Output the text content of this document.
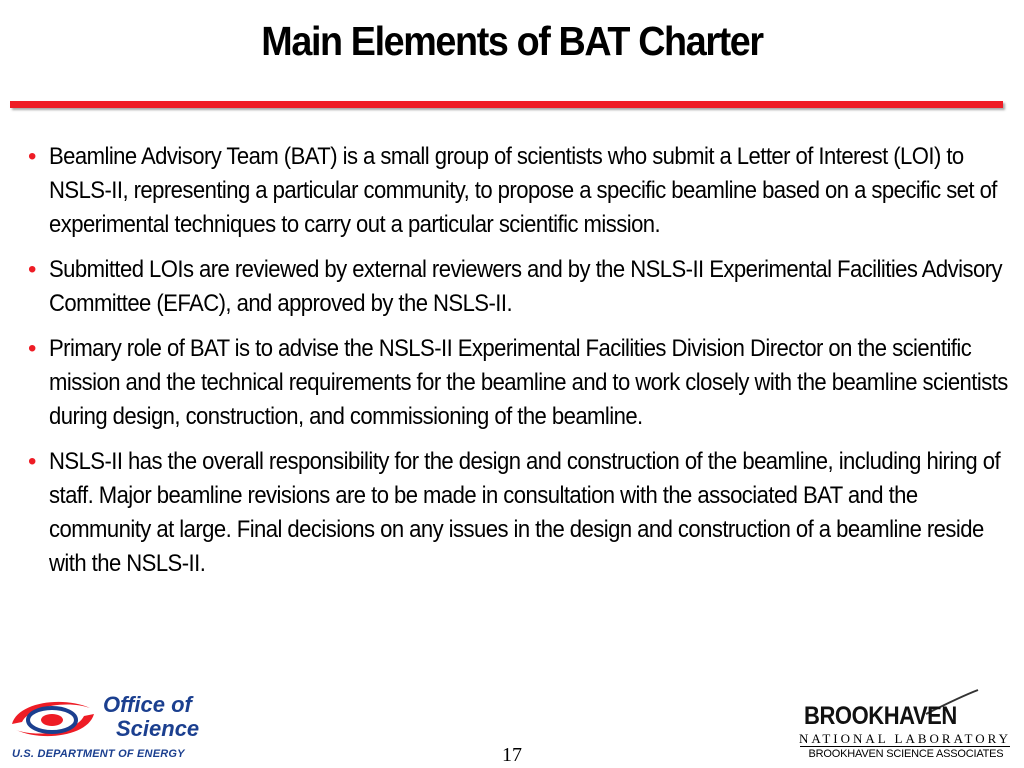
Main Elements of BAT Charter
• Beamline Advisory Team (BAT) is a small group of scientists who submit a Letter of Interest (LOI) to NSLS-II, representing a particular community, to propose a specific beamline based on a specific set of experimental techniques to carry out a particular scientific mission.
• Submitted LOIs are reviewed by external reviewers and by the NSLS-II Experimental Facilities Advisory Committee (EFAC), and approved by the NSLS-II.
• Primary role of BAT is to advise the NSLS-II Experimental Facilities Division Director on the scientific mission and the technical requirements for the beamline and to work closely with the beamline scientists during design, construction, and commissioning of the beamline.
• NSLS-II has the overall responsibility for the design and construction of the beamline, including hiring of staff. Major beamline revisions are to be made in consultation with the associated BAT and the community at large. Final decisions on any issues in the design and construction of a beamline reside with the NSLS-II.
Office of
Science
U.S. DEPARTMENT OF ENERGY	17
BROOKHAVEN
NATIONAL LABORATORY
BROOKHAVEN SCIENCE ASSOCIATES
